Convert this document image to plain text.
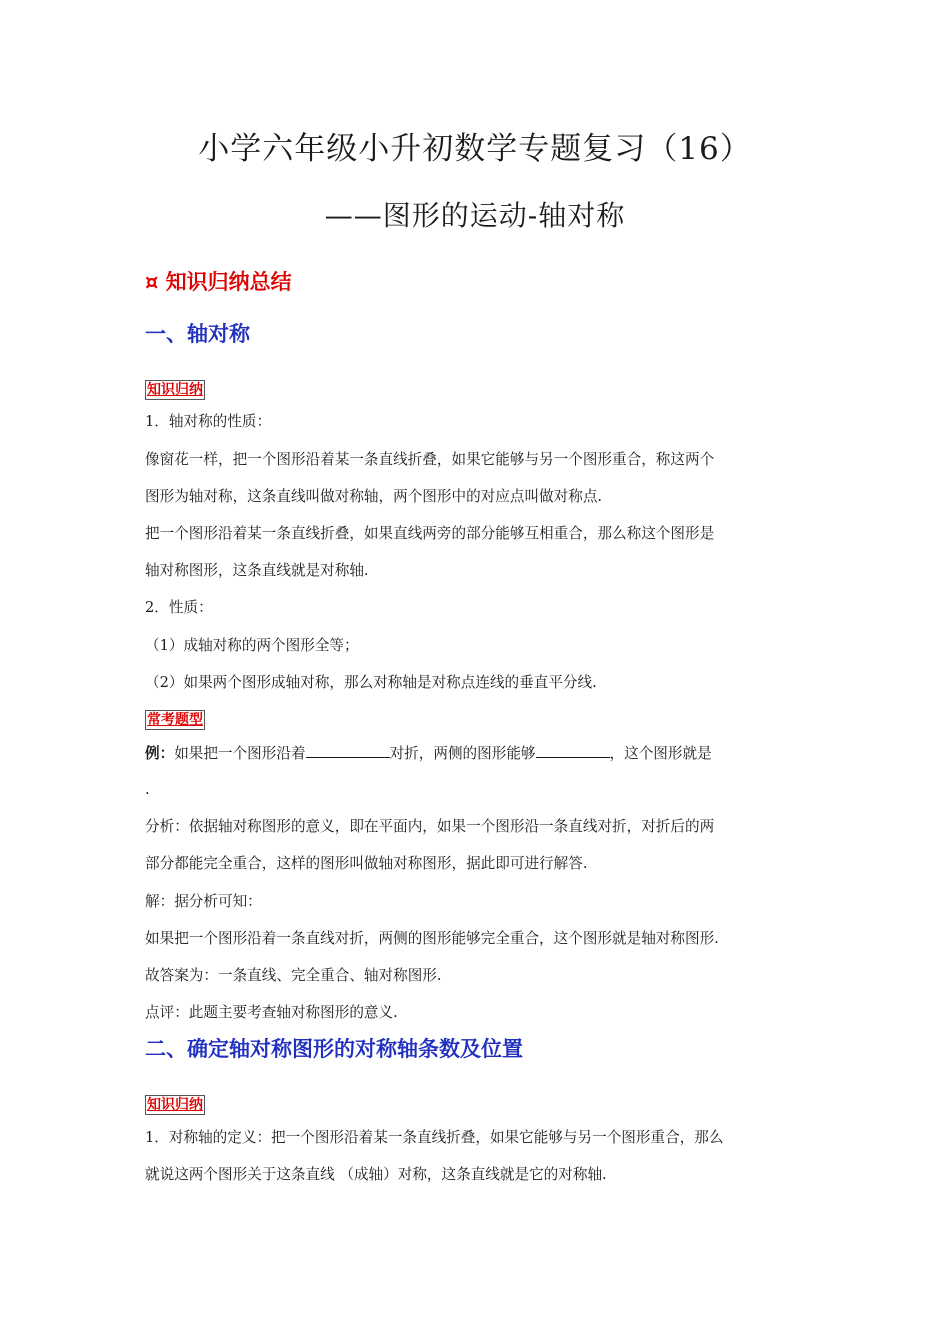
小学六年级小升初数学专题复习（16）
——图形的运动-轴对称
¤ 知识归纳总结
一、轴对称
知识归纳
1．轴对称的性质：
像窗花一样，把一个图形沿着某一条直线折叠，如果它能够与另一个图形重合，称这两个
图形为轴对称，这条直线叫做对称轴，两个图形中的对应点叫做对称点.
把一个图形沿着某一条直线折叠，如果直线两旁的部分能够互相重合，那么称这个图形是
轴对称图形，这条直线就是对称轴.
2．性质：
（1）成轴对称的两个图形全等；
（2）如果两个图形成轴对称，那么对称轴是对称点连线的垂直平分线.
常考题型
例：如果把一个图形沿着	对折，两侧的图形能够	，这个图形就是
.
分析：依据轴对称图形的意义，即在平面内，如果一个图形沿一条直线对折，对折后的两
部分都能完全重合，这样的图形叫做轴对称图形，据此即可进行解答.
解：据分析可知：
如果把一个图形沿着一条直线对折，两侧的图形能够完全重合，这个图形就是轴对称图形.
故答案为：一条直线、完全重合、轴对称图形.
点评：此题主要考查轴对称图形的意义.
二、确定轴对称图形的对称轴条数及位置
知识归纳
1．对称轴的定义：把一个图形沿着某一条直线折叠，如果它能够与另一个图形重合，那么
就说这两个图形关于这条直线 （成轴）对称，这条直线就是它的对称轴.
